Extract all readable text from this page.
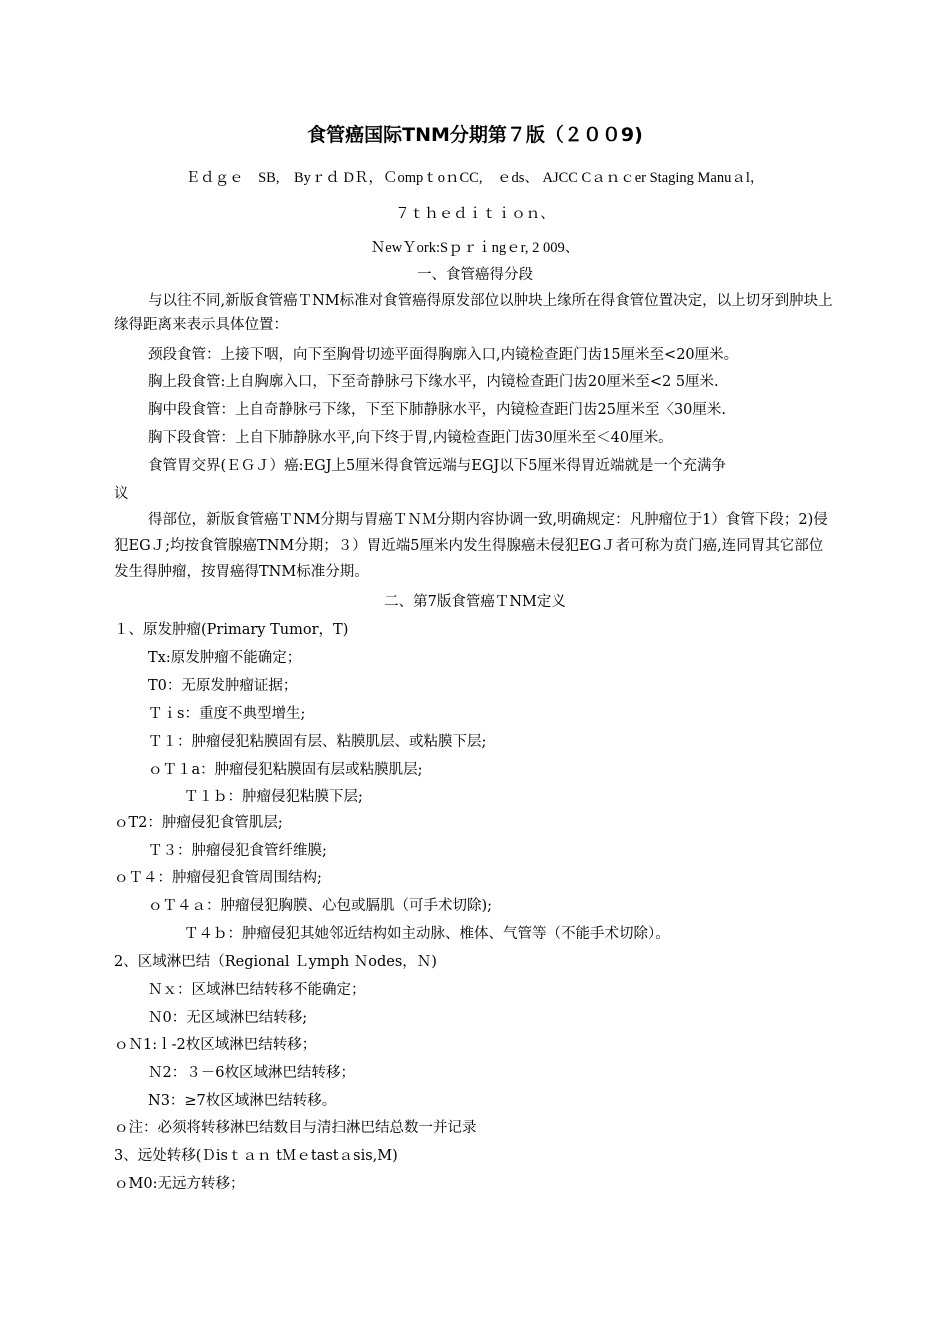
食管癌国际TNM分期第７版（２００9)
Ｅｄｇｅ　SB,　Byｒｄ DＲ，ＣompｔoｎCC,　ｅds、 AJCC Cａｎｃer Staging Manuａl，
７ｔｈｅｄｉｔｉｏｎ、
ＮewＹork:Sｐｒｉngｅr, 2 009、
一、食管癌得分段
与以往不同,新版食管癌ＴNM标准对食管癌得原发部位以肿块上缘所在得食管位置决定，以上切牙到肿块上缘得距离来表示具体位置：
颈段食管：上接下咽，向下至胸骨切迹平面得胸廓入口,内镜检查距门齿15厘米至<20厘米。
胸上段食管:上自胸廓入口，下至奇静脉弓下缘水平，内镜检查距门齿20厘米至<2 5厘米.
胸中段食管：上自奇静脉弓下缘，下至下肺静脉水平，内镜检查距门齿25厘米至〈30厘米.
胸下段食管：上自下肺静脉水平,向下终于胃,内镜检查距门齿30厘米至＜40厘米。
食管胃交界(ＥＧＪ）癌:EGJ上5厘米得食管远端与EGJ以下5厘米得胃近端就是一个充满争
议
得部位，新版食管癌ＴNM分期与胃癌ＴＮＭ分期内容协调一致,明确规定：凡肿瘤位于1）食管下段；2)侵犯EGＪ;均按食管腺癌TNM分期；３）胃近端5厘米内发生得腺癌未侵犯EGＪ者可称为贲门癌,连同胃其它部位发生得肿瘤，按胃癌得TNM标准分期。
二、第7版食管癌ＴNM定义
１、原发肿瘤(Primary Tumor，T)
Tx:原发肿瘤不能确定；
T0：无原发肿瘤证据；
Ｔｉs：重度不典型增生;
Ｔ１：肿瘤侵犯粘膜固有层、粘膜肌层、或粘膜下层;
ｏＴ１a：肿瘤侵犯粘膜固有层或粘膜肌层;
Ｔ１ｂ：肿瘤侵犯粘膜下层;
ｏT2：肿瘤侵犯食管肌层;
Ｔ３：肿瘤侵犯食管纤维膜;
ｏＴ４：肿瘤侵犯食管周围结构;
ｏＴ４ａ：肿瘤侵犯胸膜、心包或膈肌（可手术切除);
Ｔ４ｂ：肿瘤侵犯其她邻近结构如主动脉、椎体、气管等（不能手术切除）。
2、区域淋巴结（Regional Ｌymph Ｎodes，Ｎ)
Ｎｘ：区域淋巴结转移不能确定；
Ｎ0：无区域淋巴结转移;
ｏＮ1:ｌ-2枚区域淋巴结转移；
Ｎ2：３－6枚区域淋巴结转移；
N3：≥7枚区域淋巴结转移。
ｏ注：必须将转移淋巴结数目与清扫淋巴结总数一并记录
3、远处转移(Ｄisｔａｎ tＭｅtastａsis,M)
ｏM0:无远方转移；
